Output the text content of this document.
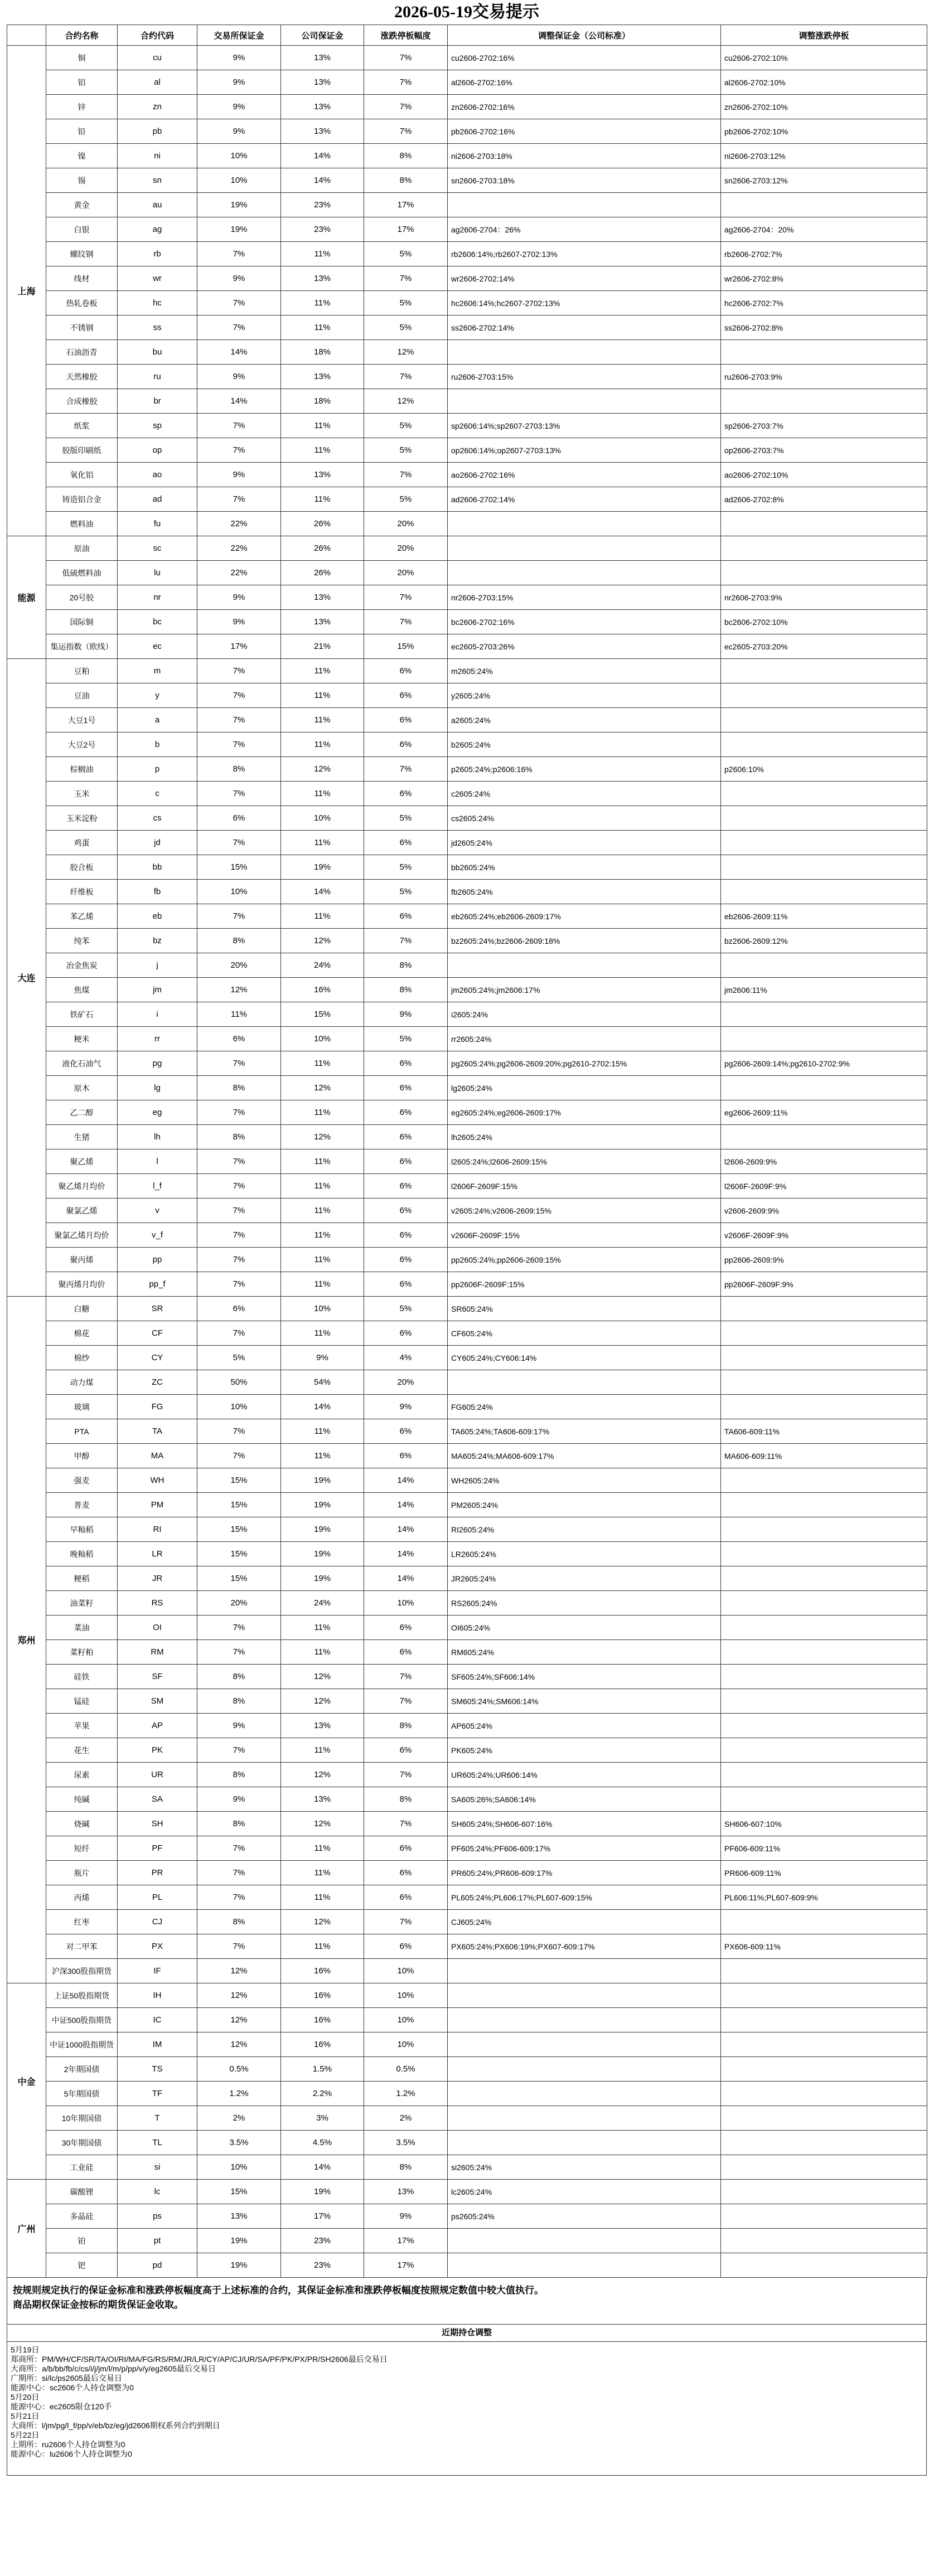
2026-05-19交易提示
	合约名称	合约代码	交易所保证金	公司保证金	涨跌停板幅度	调整保证金（公司标准）	调整涨跌停板
上海	铜	cu	9%	13%	7%	cu2606-2702:16%	cu2606-2702:10%
	铝	al	9%	13%	7%	al2606-2702:16%	al2606-2702:10%
	锌	zn	9%	13%	7%	zn2606-2702:16%	zn2606-2702:10%
	铅	pb	9%	13%	7%	pb2606-2702:16%	pb2606-2702:10%
	镍	ni	10%	14%	8%	ni2606-2703:18%	ni2606-2703:12%
	锡	sn	10%	14%	8%	sn2606-2703:18%	sn2606-2703:12%
	黄金	au	19%	23%	17%		
	白银	ag	19%	23%	17%	ag2606-2704：26%	ag2606-2704：20%
	螺纹钢	rb	7%	11%	5%	rb2606:14%;rb2607-2702:13%	rb2606-2702:7%
	线材	wr	9%	13%	7%	wr2606-2702:14%	wr2606-2702:8%
	热轧卷板	hc	7%	11%	5%	hc2606:14%;hc2607-2702:13%	hc2606-2702:7%
	不锈钢	ss	7%	11%	5%	ss2606-2702:14%	ss2606-2702:8%
	石油沥青	bu	14%	18%	12%		
	天然橡胶	ru	9%	13%	7%	ru2606-2703:15%	ru2606-2703:9%
	合成橡胶	br	14%	18%	12%		
	纸浆	sp	7%	11%	5%	sp2606:14%;sp2607-2703:13%	sp2606-2703:7%
	胶版印刷纸	op	7%	11%	5%	op2606:14%;op2607-2703:13%	op2606-2703:7%
	氧化铝	ao	9%	13%	7%	ao2606-2702:16%	ao2606-2702:10%
	铸造铝合金	ad	7%	11%	5%	ad2606-2702:14%	ad2606-2702:8%
	燃料油	fu	22%	26%	20%		
能源	原油	sc	22%	26%	20%		
	低硫燃料油	lu	22%	26%	20%		
	20号胶	nr	9%	13%	7%	nr2606-2703:15%	nr2606-2703:9%
	国际铜	bc	9%	13%	7%	bc2606-2702:16%	bc2606-2702:10%
	集运指数（欧线）	ec	17%	21%	15%	ec2605-2703:26%	ec2605-2703:20%
大连	豆粕	m	7%	11%	6%	m2605:24%	
	豆油	y	7%	11%	6%	y2605:24%	
	大豆1号	a	7%	11%	6%	a2605:24%	
	大豆2号	b	7%	11%	6%	b2605:24%	
	棕榈油	p	8%	12%	7%	p2605:24%;p2606:16%	p2606:10%
	玉米	c	7%	11%	6%	c2605:24%	
	玉米淀粉	cs	6%	10%	5%	cs2605:24%	
	鸡蛋	jd	7%	11%	6%	jd2605:24%	
	胶合板	bb	15%	19%	5%	bb2605:24%	
	纤维板	fb	10%	14%	5%	fb2605:24%	
	苯乙烯	eb	7%	11%	6%	eb2605:24%;eb2606-2609:17%	eb2606-2609:11%
	纯苯	bz	8%	12%	7%	bz2605:24%;bz2606-2609:18%	bz2606-2609:12%
	冶金焦炭	j	20%	24%	8%		
	焦煤	jm	12%	16%	8%	jm2605:24%;jm2606:17%	jm2606:11%
	铁矿石	i	11%	15%	9%	i2605:24%	
	粳米	rr	6%	10%	5%	rr2605:24%	
	液化石油气	pg	7%	11%	6%	pg2605:24%;pg2606-2609:20%;pg2610-2702:15%	pg2606-2609:14%;pg2610-2702:9%
	原木	lg	8%	12%	6%	lg2605:24%	
	乙二醇	eg	7%	11%	6%	eg2605:24%;eg2606-2609:17%	eg2606-2609:11%
	生猪	lh	8%	12%	6%	lh2605:24%	
	聚乙烯	l	7%	11%	6%	l2605:24%;l2606-2609:15%	l2606-2609:9%
	聚乙烯月均价	l_f	7%	11%	6%	l2606F-2609F:15%	l2606F-2609F:9%
	聚氯乙烯	v	7%	11%	6%	v2605:24%;v2606-2609:15%	v2606-2609:9%
	聚氯乙烯月均价	v_f	7%	11%	6%	v2606F-2609F:15%	v2606F-2609F:9%
	聚丙烯	pp	7%	11%	6%	pp2605:24%;pp2606-2609:15%	pp2606-2609:9%
	聚丙烯月均价	pp_f	7%	11%	6%	pp2606F-2609F:15%	pp2606F-2609F:9%
郑州	白糖	SR	6%	10%	5%	SR605:24%	
	棉花	CF	7%	11%	6%	CF605:24%	
	棉纱	CY	5%	9%	4%	CY605:24%;CY606:14%	
	动力煤	ZC	50%	54%	20%		
	玻璃	FG	10%	14%	9%	FG605:24%	
	PTA	TA	7%	11%	6%	TA605:24%;TA606-609:17%	TA606-609:11%
	甲醇	MA	7%	11%	6%	MA605:24%;MA606-609:17%	MA606-609:11%
	强麦	WH	15%	19%	14%	WH2605:24%	
	普麦	PM	15%	19%	14%	PM2605:24%	
	早籼稻	RI	15%	19%	14%	RI2605:24%	
	晚籼稻	LR	15%	19%	14%	LR2605:24%	
	粳稻	JR	15%	19%	14%	JR2605:24%	
	油菜籽	RS	20%	24%	10%	RS2605:24%	
	菜油	OI	7%	11%	6%	OI605:24%	
	菜籽粕	RM	7%	11%	6%	RM605:24%	
	硅铁	SF	8%	12%	7%	SF605:24%;SF606:14%	
	锰硅	SM	8%	12%	7%	SM605:24%;SM606:14%	
	苹果	AP	9%	13%	8%	AP605:24%	
	花生	PK	7%	11%	6%	PK605:24%	
	尿素	UR	8%	12%	7%	UR605:24%;UR606:14%	
	纯碱	SA	9%	13%	8%	SA605:26%;SA606:14%	
	烧碱	SH	8%	12%	7%	SH605:24%;SH606-607:16%	SH606-607:10%
	短纤	PF	7%	11%	6%	PF605:24%;PF606-609:17%	PF606-609:11%
	瓶片	PR	7%	11%	6%	PR605:24%;PR606-609:17%	PR606-609:11%
	丙烯	PL	7%	11%	6%	PL605:24%;PL606:17%;PL607-609:15%	PL606:11%;PL607-609:9%
	红枣	CJ	8%	12%	7%	CJ605:24%	
	对二甲苯	PX	7%	11%	6%	PX605:24%;PX606:19%;PX607-609:17%	PX606-609:11%
	沪深300股指期货	IF	12%	16%	10%		
中金	上证50股指期货	IH	12%	16%	10%		
	中证500股指期货	IC	12%	16%	10%		
	中证1000股指期货	IM	12%	16%	10%		
	2年期国债	TS	0.5%	1.5%	0.5%		
	5年期国债	TF	1.2%	2.2%	1.2%		
	10年期国债	T	2%	3%	2%		
	30年期国债	TL	3.5%	4.5%	3.5%		
	工业硅	si	10%	14%	8%	si2605:24%	
广州	碳酸锂	lc	15%	19%	13%	lc2605:24%	
	多晶硅	ps	13%	17%	9%	ps2605:24%	
	铂	pt	19%	23%	17%		
	钯	pd	19%	23%	17%		
按规则规定执行的保证金标准和涨跌停板幅度高于上述标准的合约，其保证金标准和涨跌停板幅度按照规定数值中较大值执行。
商品期权保证金按标的期货保证金收取。
近期持仓调整
5月19日
郑商所：PM/WH/CF/SR/TA/OI/RI/MA/FG/RS/RM/JR/LR/CY/AP/CJ/UR/SA/PF/PK/PX/PR/SH2606最后交易日
大商所：a/b/bb/fb/c/cs/i/j/jm/l/m/p/pp/v/y/eg2605最后交易日
广期所：si/lc/ps2605最后交易日
能源中心：sc2606个人持仓调整为0
5月20日
能源中心：ec2605限仓120手
5月21日
大商所：l/jm/pg/l_f/pp/v/eb/bz/eg/jd2606期权系列合约到期日
5月22日
上期所：ru2606个人持仓调整为0
能源中心：lu2606个人持仓调整为0
